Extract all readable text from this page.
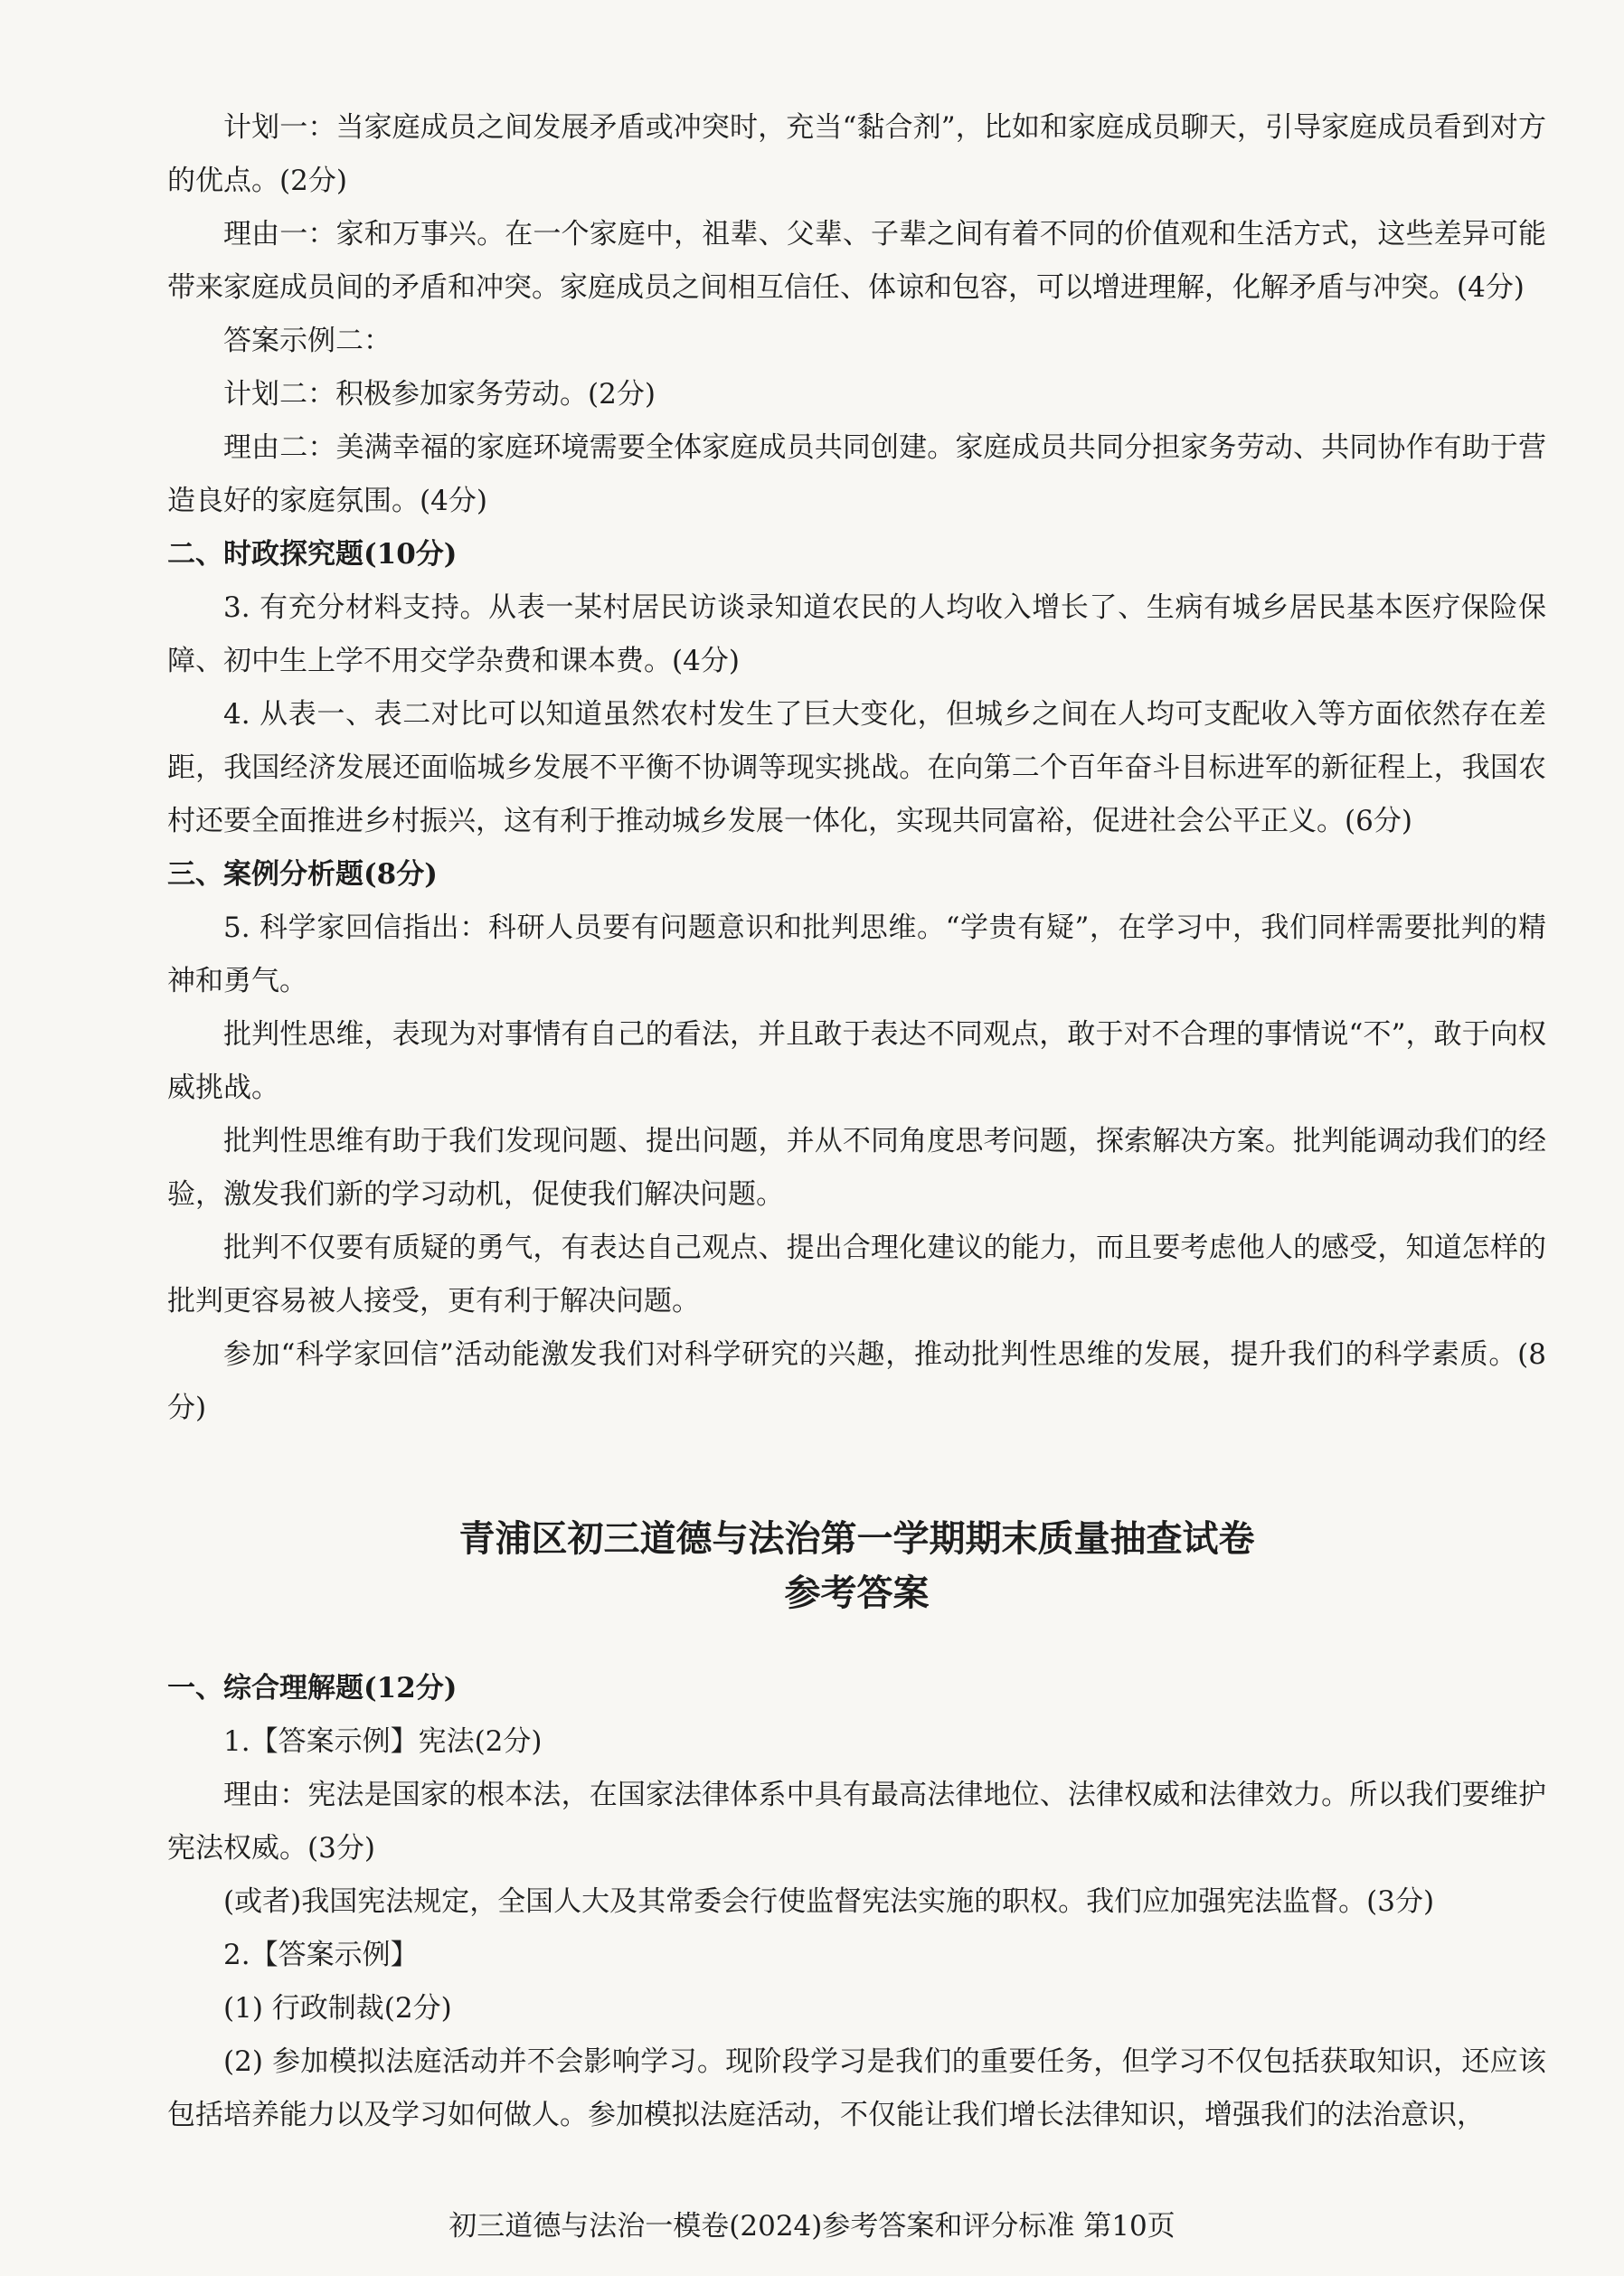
计划一：当家庭成员之间发展矛盾或冲突时，充当“黏合剂”，比如和家庭成员聊天，引导家庭成员看到对方的优点。(2分)

理由一：家和万事兴。在一个家庭中，祖辈、父辈、子辈之间有着不同的价值观和生活方式，这些差异可能带来家庭成员间的矛盾和冲突。家庭成员之间相互信任、体谅和包容，可以增进理解，化解矛盾与冲突。(4分)

答案示例二：

计划二：积极参加家务劳动。(2分)

理由二：美满幸福的家庭环境需要全体家庭成员共同创建。家庭成员共同分担家务劳动、共同协作有助于营造良好的家庭氛围。(4分)

二、时政探究题(10分)

3. 有充分材料支持。从表一某村居民访谈录知道农民的人均收入增长了、生病有城乡居民基本医疗保险保障、初中生上学不用交学杂费和课本费。(4分)

4. 从表一、表二对比可以知道虽然农村发生了巨大变化，但城乡之间在人均可支配收入等方面依然存在差距，我国经济发展还面临城乡发展不平衡不协调等现实挑战。在向第二个百年奋斗目标进军的新征程上，我国农村还要全面推进乡村振兴，这有利于推动城乡发展一体化，实现共同富裕，促进社会公平正义。(6分)

三、案例分析题(8分)

5. 科学家回信指出：科研人员要有问题意识和批判思维。“学贵有疑”，在学习中，我们同样需要批判的精神和勇气。

批判性思维，表现为对事情有自己的看法，并且敢于表达不同观点，敢于对不合理的事情说“不”，敢于向权威挑战。

批判性思维有助于我们发现问题、提出问题，并从不同角度思考问题，探索解决方案。批判能调动我们的经验，激发我们新的学习动机，促使我们解决问题。

批判不仅要有质疑的勇气，有表达自己观点、提出合理化建议的能力，而且要考虑他人的感受，知道怎样的批判更容易被人接受，更有利于解决问题。

参加“科学家回信”活动能激发我们对科学研究的兴趣，推动批判性思维的发展，提升我们的科学素质。(8分)

青浦区初三道德与法治第一学期期末质量抽查试卷

参考答案

一、综合理解题(12分)

1.【答案示例】宪法(2分)

理由：宪法是国家的根本法，在国家法律体系中具有最高法律地位、法律权威和法律效力。所以我们要维护宪法权威。(3分)

(或者)我国宪法规定，全国人大及其常委会行使监督宪法实施的职权。我们应加强宪法监督。(3分)

2.【答案示例】

(1) 行政制裁(2分)

(2) 参加模拟法庭活动并不会影响学习。现阶段学习是我们的重要任务，但学习不仅包括获取知识，还应该包括培养能力以及学习如何做人。参加模拟法庭活动，不仅能让我们增长法律知识，增强我们的法治意识，

初三道德与法治一模卷(2024)参考答案和评分标准 第10页
